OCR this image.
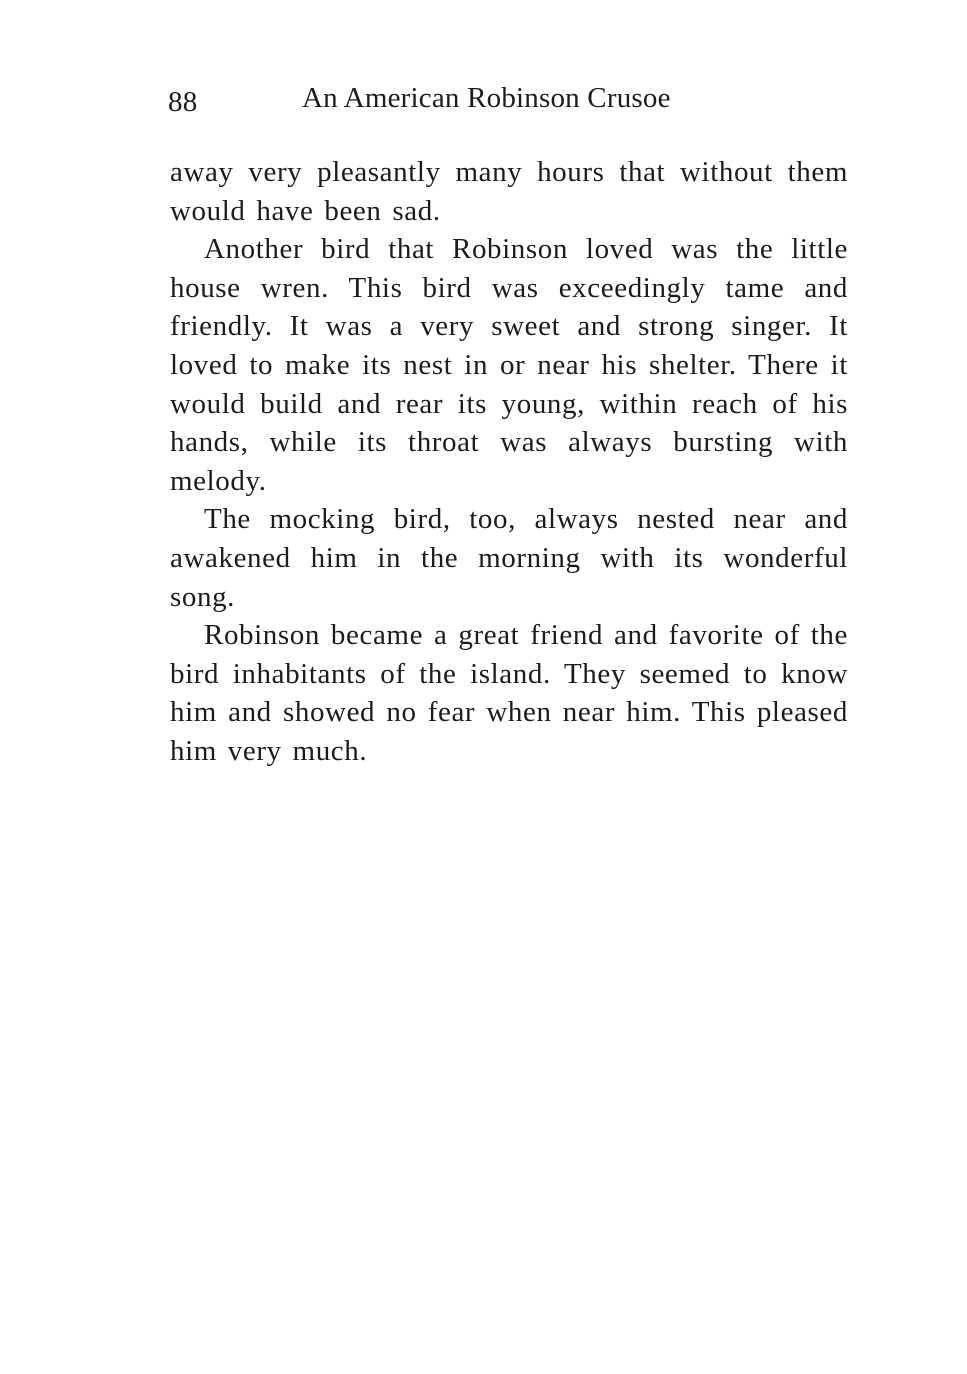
88	An American Robinson Crusoe

away very pleasantly many hours that without them would have been sad.

Another bird that Robinson loved was the little house wren. This bird was exceedingly tame and friendly. It was a very sweet and strong singer. It loved to make its nest in or near his shelter. There it would build and rear its young, within reach of his hands, while its throat was always bursting with melody.

The mocking bird, too, always nested near and awakened him in the morning with its wonderful song.

Robinson became a great friend and favorite of the bird inhabitants of the island. They seemed to know him and showed no fear when near him. This pleased him very much.
